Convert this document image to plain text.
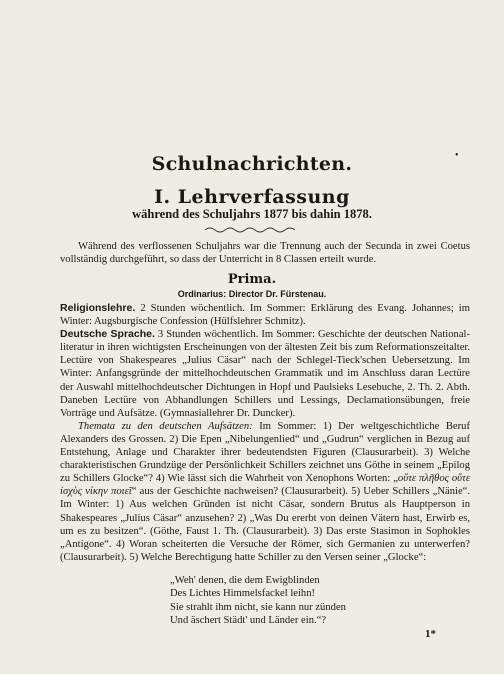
Schulnachrichten.	•
I. Lehrverfassung
während des Schuljahrs 1877 bis dahin 1878.

Während des verflossenen Schuljahrs war die Trennung auch der Secunda in zwei Coetus vollständig durchgeführt, so dass der Unterricht in 8 Classen erteilt wurde.

Prima.
Ordinarius: Director Dr. Fürstenau.

Religionslehre. 2 Stunden wöchentlich. Im Sommer: Erklärung des Evang. Johannes; im Winter: Augsburgische Confession (Hülfslehrer Schmitz).

Deutsche Sprache. 3 Stunden wöchentlich. Im Sommer: Geschichte der deutschen National-literatur in ihren wichtigsten Erscheinungen von der ältesten Zeit bis zum Reformationszeitalter. Lectüre von Shakespeares „Julius Cäsar“ nach der Schlegel-Tieck'schen Uebersetzung. Im Winter: Anfangsgründe der mittelhochdeutschen Grammatik und im Anschluss daran Lectüre der Auswahl mittelhochdeutscher Dichtungen in Hopf und Paulsieks Lesebuche, 2. Th. 2. Abth. Daneben Lectüre von Abhandlungen Schillers und Lessings, Declamationsübungen, freie Vorträge und Aufsätze. (Gymnasiallehrer Dr. Duncker).

Themata zu den deutschen Aufsätzen: Im Sommer: 1) Der weltgeschichtliche Beruf Alexanders des Grossen. 2) Die Epen „Nibelungenlied“ und „Gudrun“ verglichen in Bezug auf Entstehung, Anlage und Charakter ihrer bedeutendsten Figuren (Clausurarbeit). 3) Welche charakteristischen Grundzüge der Persönlichkeit Schillers zeichnet uns Göthe in seinem „Epilog zu Schillers Glocke“? 4) Wie lässt sich die Wahrheit von Xenophons Worten: „οὔτε πλῆθος οὔτε ἰσχὺς νίκην ποιεῖ“ aus der Geschichte nachweisen? (Clausurarbeit). 5) Ueber Schillers „Nänie“. Im Winter: 1) Aus welchen Gründen ist nicht Cäsar, sondern Brutus als Hauptperson in Shakespeares „Julius Cäsar“ anzusehen? 2) „Was Du ererbt von deinen Vätern hast, Erwirb es, um es zu besitzen“. (Göthe, Faust 1. Th. (Clausurarbeit). 3) Das erste Stasimon in Sophokles „Antigone“. 4) Woran scheiterten die Versuche der Römer, sich Germanien zu unterwerfen? (Clausurarbeit). 5) Welche Berechtigung hatte Schiller zu den Versen seiner „Glocke“:

„Weh' denen, die dem Ewigblinden
Des Lichtes Himmelsfackel leihn!
Sie strahlt ihm nicht, sie kann nur zünden
Und äschert Städt' und Länder ein.“?
1*
